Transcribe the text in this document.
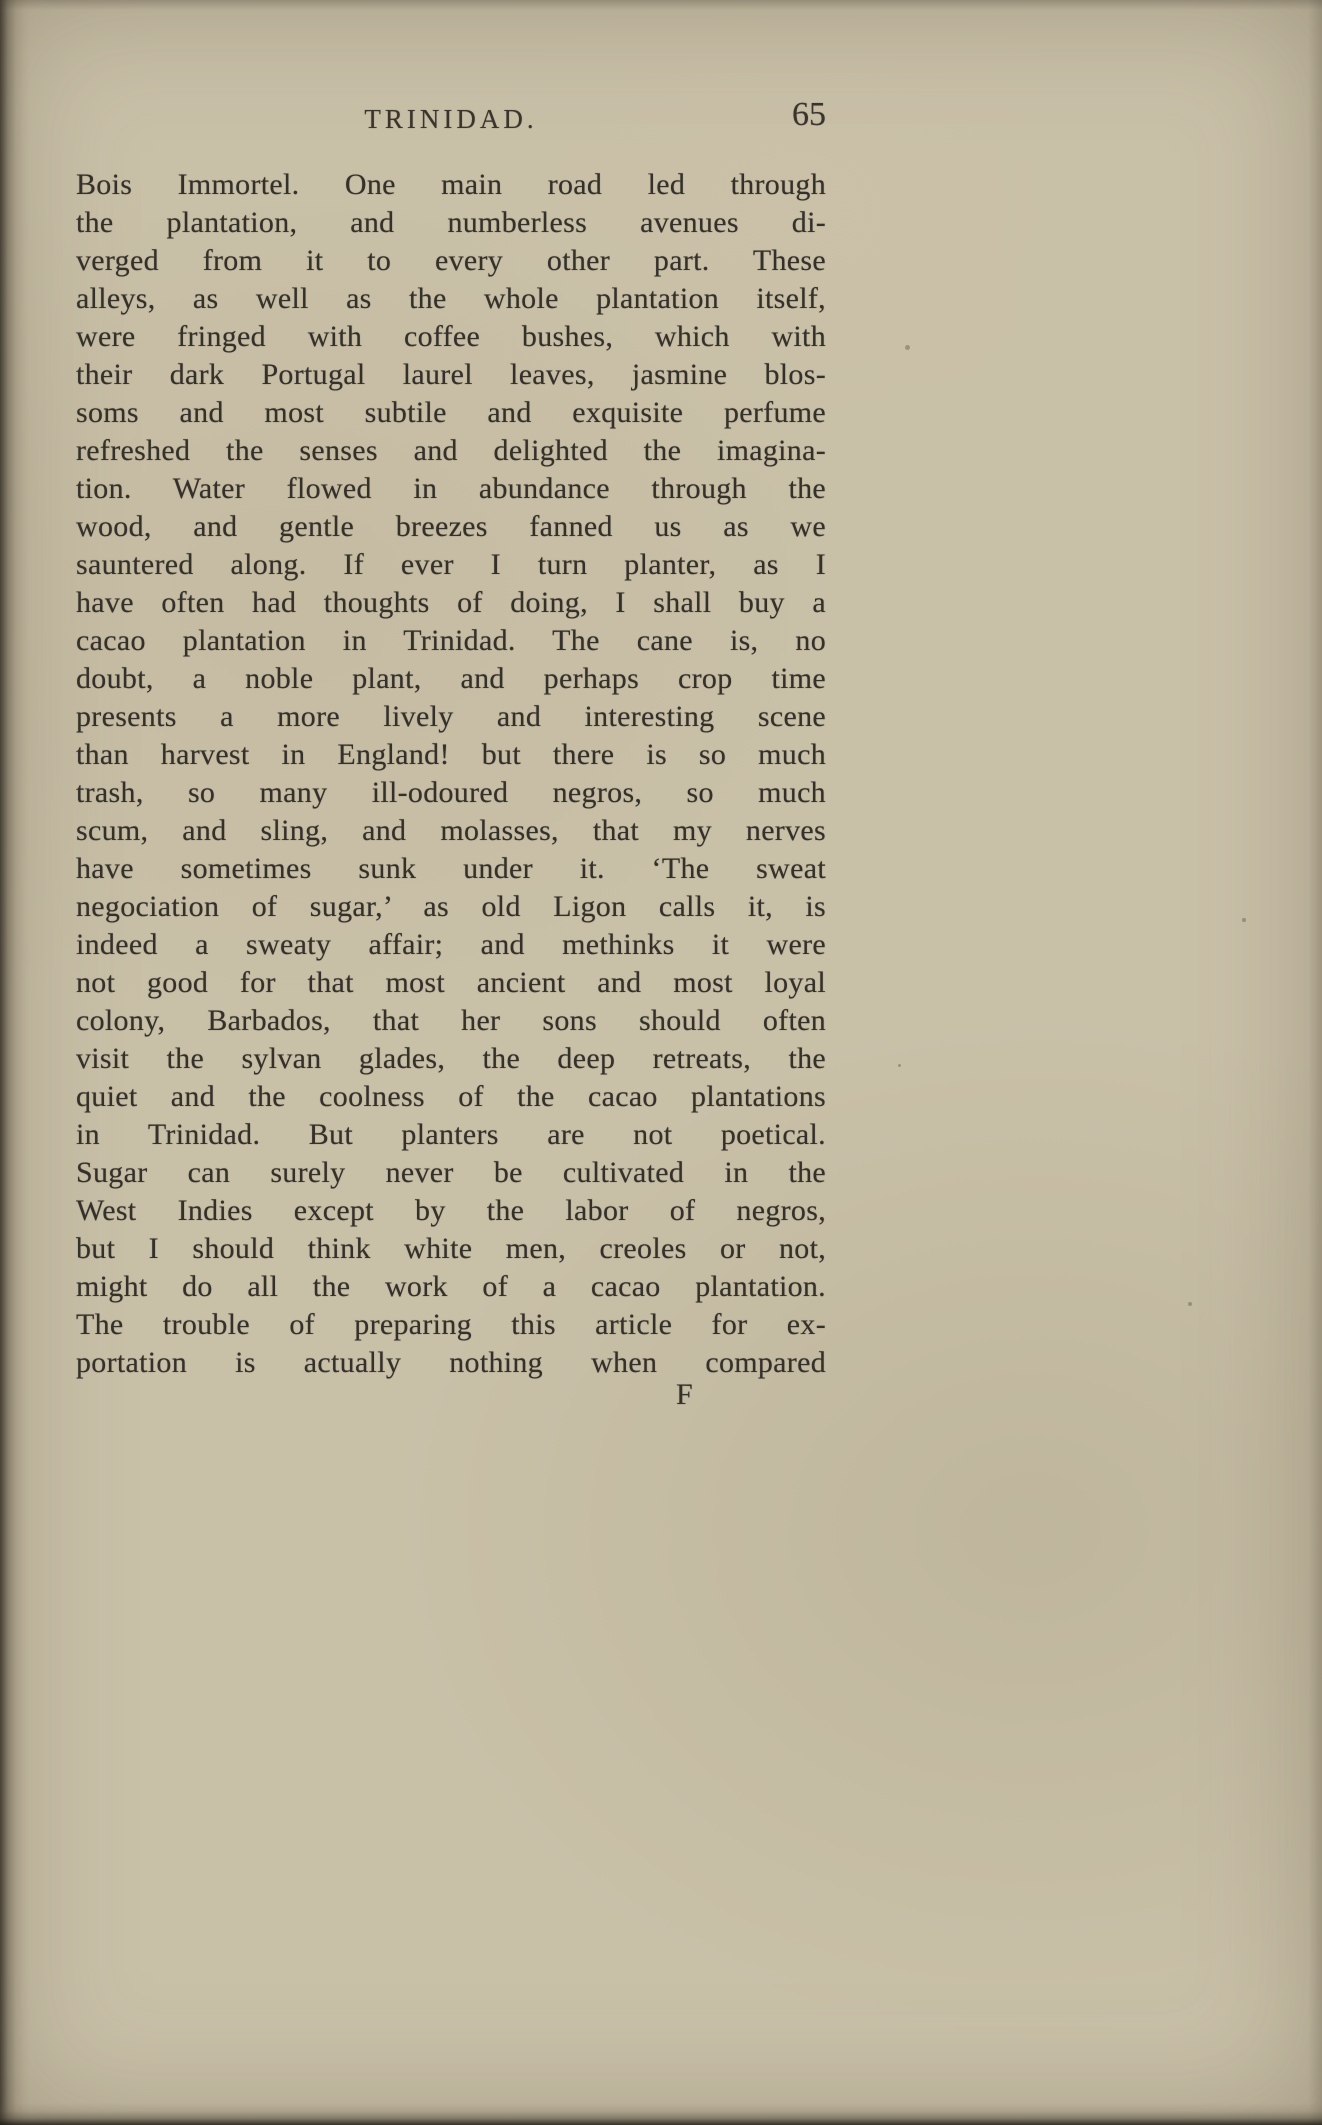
TRINIDAD.	65
Bois Immortel. One main road led through
the plantation, and numberless avenues di-
verged from it to every other part. These
alleys, as well as the whole plantation itself,
were fringed with coffee bushes, which with
their dark Portugal laurel leaves, jasmine blos-
soms and most subtile and exquisite perfume
refreshed the senses and delighted the imagina-
tion. Water flowed in abundance through the
wood, and gentle breezes fanned us as we
sauntered along. If ever I turn planter, as I
have often had thoughts of doing, I shall buy a
cacao plantation in Trinidad. The cane is, no
doubt, a noble plant, and perhaps crop time
presents a more lively and interesting scene
than harvest in England! but there is so much
trash, so many ill-odoured negros, so much
scum, and sling, and molasses, that my nerves
have sometimes sunk under it. ‘The sweat
negociation of sugar,’ as old Ligon calls it, is
indeed a sweaty affair; and methinks it were
not good for that most ancient and most loyal
colony, Barbados, that her sons should often
visit the sylvan glades, the deep retreats, the
quiet and the coolness of the cacao plantations
in Trinidad. But planters are not poetical.
Sugar can surely never be cultivated in the
West Indies except by the labor of negros,
but I should think white men, creoles or not,
might do all the work of a cacao plantation.
The trouble of preparing this article for ex-
portation is actually nothing when compared
F
